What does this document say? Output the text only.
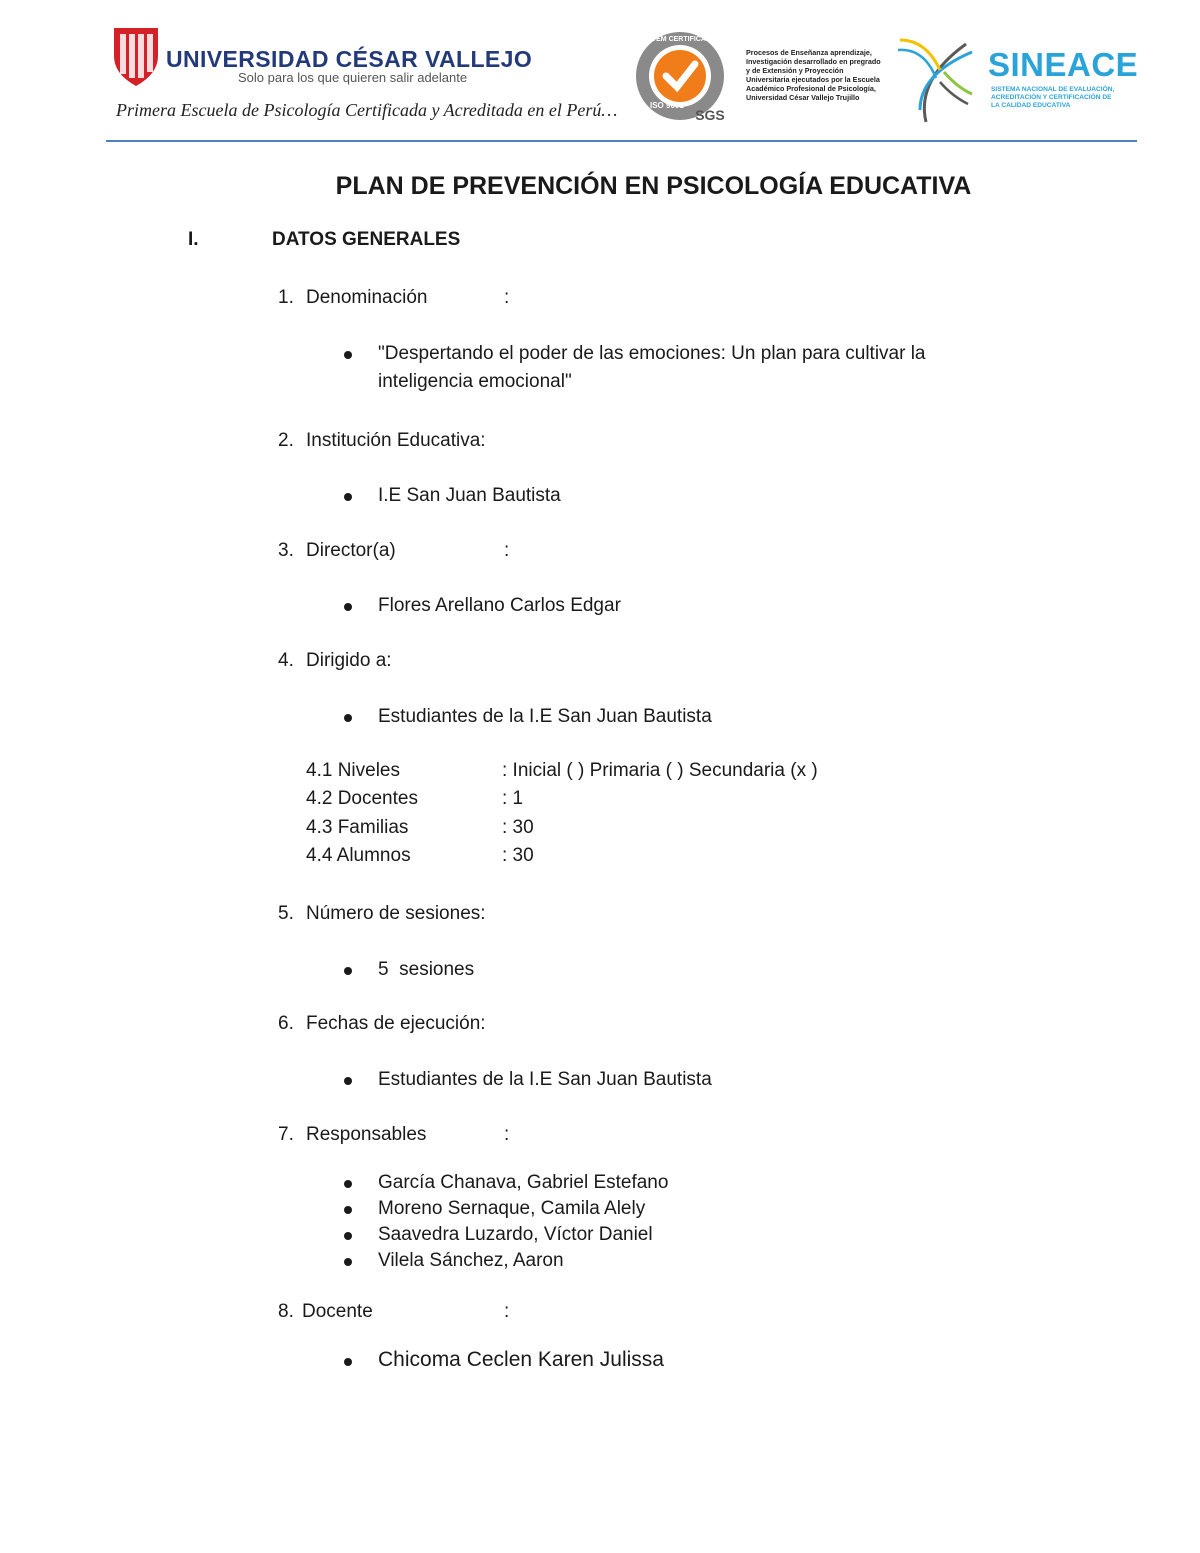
UNIVERSIDAD CÉSAR VALLEJO
Solo para los que quieren salir adelante
Primera Escuela de Psicología Certificada y Acreditada en el Perú…
SYSTEM CERTIFICATION
ISO 9001
SGS
Procesos de Enseñanza aprendizaje, Investigación desarrollado en pregrado y de Extensión y Proyección Universitaria ejecutados por la Escuela Académico Profesional de Psicología, Universidad César Vallejo Trujillo
SINEACE
SISTEMA NACIONAL DE EVALUACIÓN, ACREDITACIÓN Y CERTIFICACIÓN DE LA CALIDAD EDUCATIVA
PLAN DE PREVENCIÓN EN PSICOLOGÍA EDUCATIVA
I.	DATOS GENERALES
1. Denominación	:
"Despertando el poder de las emociones: Un plan para cultivar la
inteligencia emocional"
2. Institución Educativa:
I.E San Juan Bautista
3. Director(a)	:
Flores Arellano Carlos Edgar
4. Dirigido a:
Estudiantes de la I.E San Juan Bautista
4.1 Niveles	: Inicial ( ) Primaria ( ) Secundaria (x )
4.2 Docentes	: 1
4.3 Familias	: 30
4.4 Alumnos	: 30
5. Número de sesiones:
5  sesiones
6. Fechas de ejecución:
Estudiantes de la I.E San Juan Bautista
7. Responsables	:
García Chanava, Gabriel Estefano
Moreno Sernaque, Camila Alely
Saavedra Luzardo, Víctor Daniel
Vilela Sánchez, Aaron
8. Docente	:
Chicoma Ceclen Karen Julissa
